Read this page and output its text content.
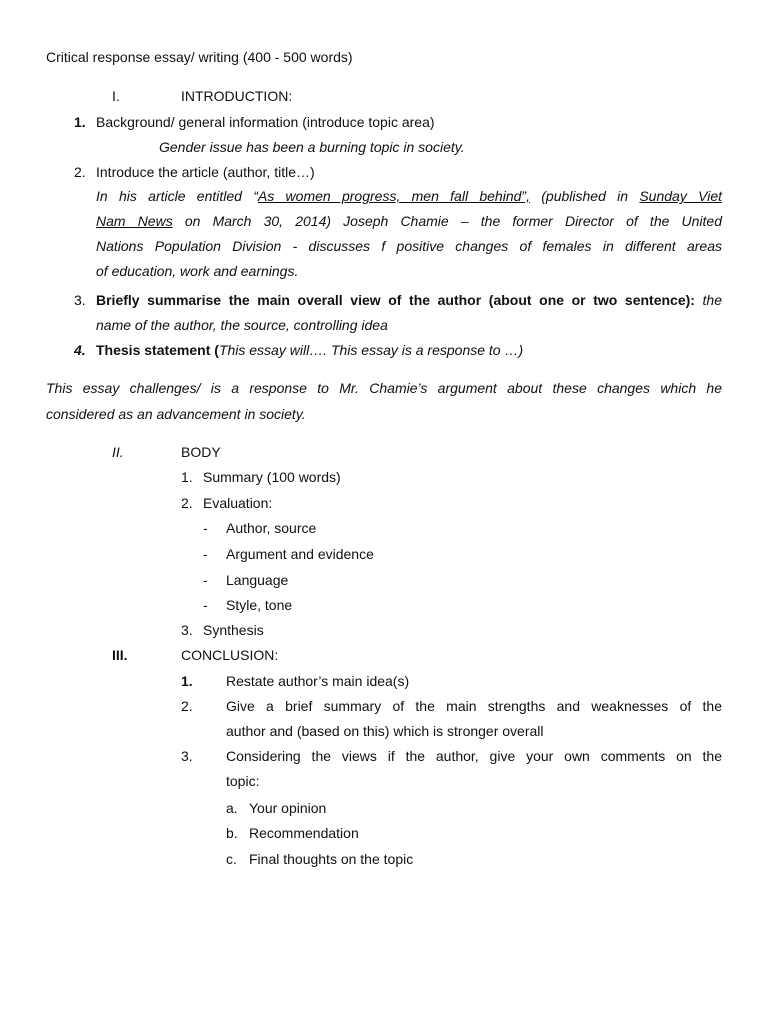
Critical response essay/ writing (400 - 500 words)
I.	INTRODUCTION:
1. Background/ general information (introduce topic area)
Gender issue has been a burning topic in society.
2. Introduce the article (author, title…)
In his article entitled “As women progress, men fall behind”, (published in Sunday Viet
Nam News on March 30, 2014) Joseph Chamie – the former Director of the United
Nations Population Division - discusses f positive changes of females in different areas
of education, work and earnings.
3. Briefly summarise the main overall view of the author (about one or two sentence): the
name of the author, the source, controlling idea
4. Thesis statement (This essay will…. This essay is a response to …)
This essay challenges/ is a response to Mr. Chamie’s argument about these changes which he
considered as an advancement in society.
II.	BODY
1. Summary (100 words)
2. Evaluation:
- Author, source
- Argument and evidence
- Language
- Style, tone
3. Synthesis
III.	CONCLUSION:
1. Restate author’s main idea(s)
2. Give a brief summary of the main strengths and weaknesses of the
author and (based on this) which is stronger overall
3. Considering the views if the author, give your own comments on the
topic:
a. Your opinion
b. Recommendation
c. Final thoughts on the topic
